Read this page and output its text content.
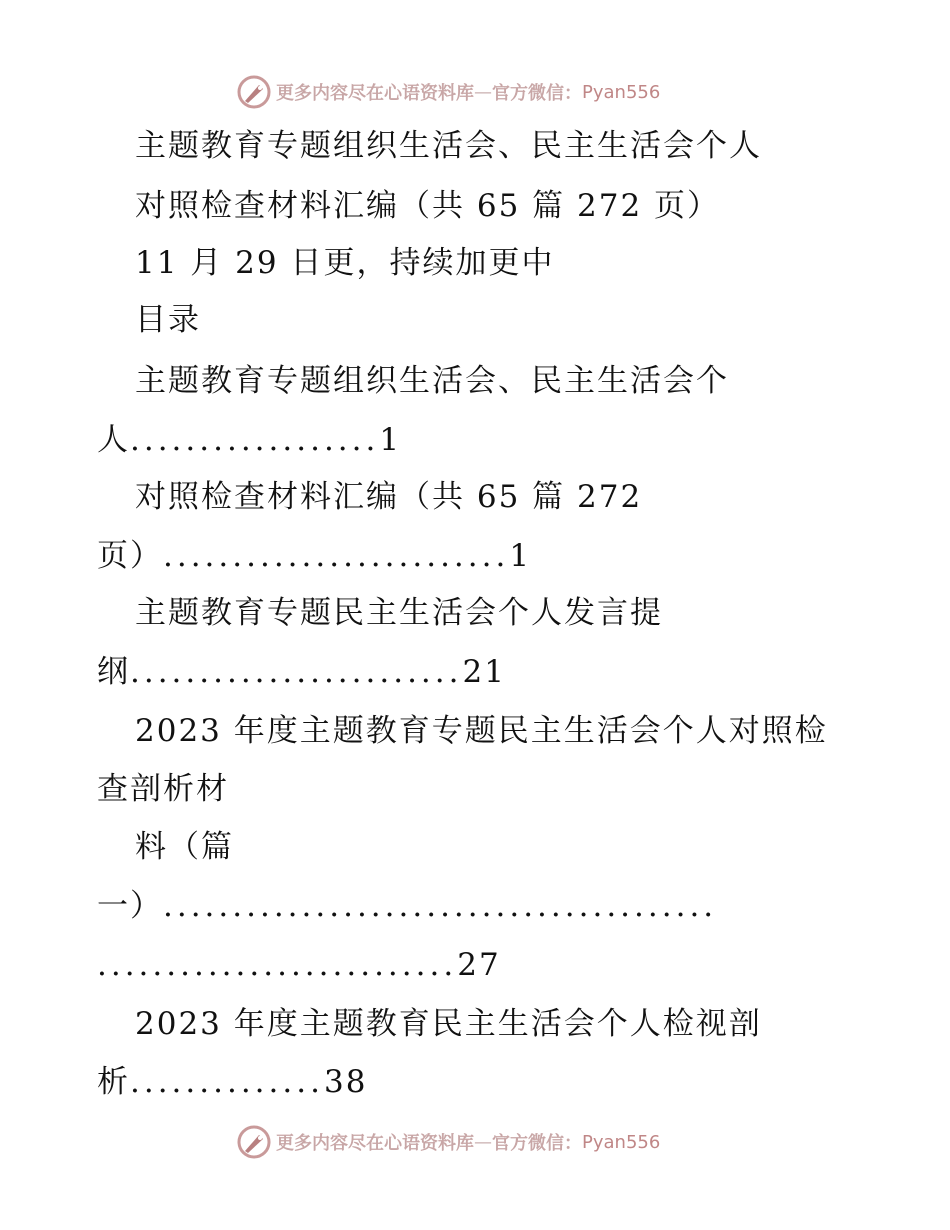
更多内容尽在心语资料库 — 官方微信： Pyan556
主题教育专题组织生活会、民主生活会个人
对照检查材料汇编（共 65 篇 272 页）
11 月 29 日更，持续加更中
目录
主题教育专题组织生活会、民主生活会个
人..................1
对照检查材料汇编（共 65 篇 272
页）.........................1
主题教育专题民主生活会个人发言提
纲........................21
2023 年度主题教育专题民主生活会个人对照检
查剖析材
料（篇
一）........................................
..........................27
2023 年度主题教育民主生活会个人检视剖
析..............38
更多内容尽在心语资料库 — 官方微信： Pyan556
